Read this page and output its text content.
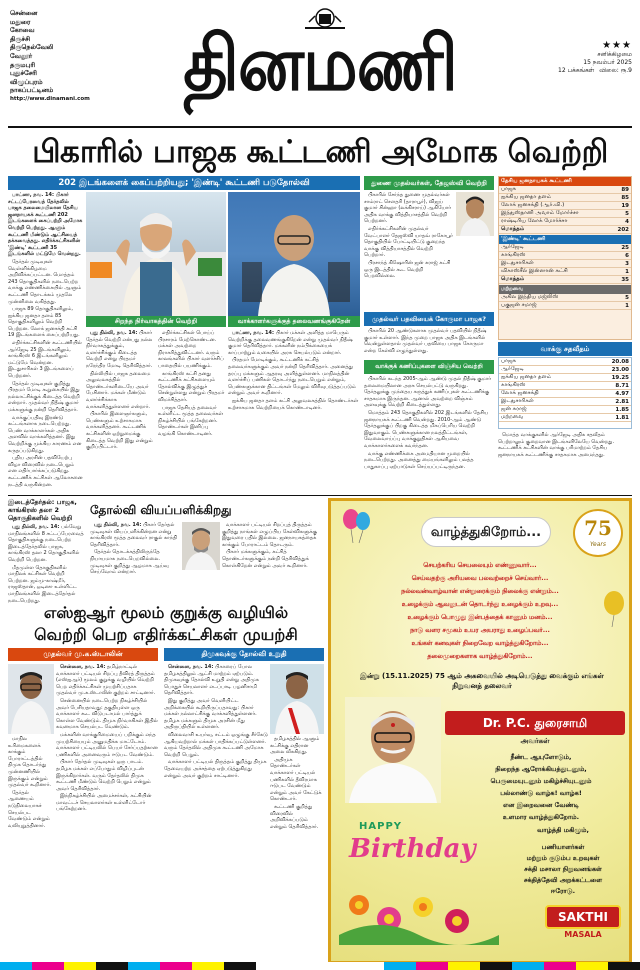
சென்னை
மதுரை
கோவை
திருச்சி
திருநெல்வேலி
வேலூர்
தருமபுரி
புதுச்சேரி
விழுப்புரம்
நாகப்பட்டினம்
http://www.dinamani.com	தினமணி	★★★
சனிக்கிழமை
15 நவம்பர் 2025
12 பக்கங்கள் விலை: ரூ.9
பிகாரில் பாஜக கூட்டணி அமோக வெற்றி
202 இடங்களைக் கைப்பற்றியது; 'இண்டி' கூட்டணி படுதோல்வி

பாட்னா, நவ. 14: பிகார் சட்டப்பேரவைத் தேர்தலில் பாஜக தலைமையிலான தேசிய ஜனநாயகக் கூட்டணி 202 இடங்களைக் கைப்பற்றி அமோக வெற்றி பெற்றது. ஆளும் கூட்டணி மீண்டும் ஆட்சியைத் தக்கவைத்தது. எதிர்க்கட்சிகளின் 'இண்டி' கூட்டணி 35 இடங்களில் மட்டுமே வென்றது.

தேர்தல் முடிவுகள் வெள்ளிக்கிழமை அறிவிக்கப்பட்டன. மொத்தம் 243 தொகுதிகளில் நடைபெற்ற வாக்கு எண்ணிக்கையில் ஆளும் கூட்டணி தொடக்கம் முதலே முன்னிலை வகித்தது.

பாஜக 89 தொகுதிகளிலும், ஐக்கிய ஜனதா தளம் 85 தொகுதிகளிலும் வெற்றி பெற்றன. லோக் ஜனசக்தி கட்சி 19 இடங்களைக் கைப்பற்றியது.

எதிர்க்கட்சிகளின் கூட்டணியில் ஆர்ஜேடி 25 இடங்களிலும், காங்கிரஸ் 6 இடங்களிலும் மட்டுமே வென்றன. இடதுசாரிகள் 3 இடங்களைப் பெற்றனர்.

தேர்தல் முடிவுகள் குறித்து பிரதமர் மோடி கூறுகையில் இது நல்லாட்சிக்குக் கிடைத்த வெற்றி என்றார். முதல்வர் நிதீஷ் குமார் மக்களுக்கு நன்றி தெரிவித்தார்.

வாக்குப்பதிவு இரண்டு கட்டங்களாக நடைபெற்றது. பெண் வாக்காளர்கள் அதிக அளவில் வாக்களித்தனர். இது வெற்றிக்கு முக்கிய காரணம் என கருதப்படுகிறது.

புதிய அரசின் பதவியேற்பு விழா விரைவில் நடைபெறும் என எதிர்பார்க்கப்படுகிறது. கூட்டணிக் கட்சிகள் ஆலோசனை நடத்தி வருகின்றன.

சிறந்த நிர்வாகத்தின் வெற்றி	வாக்காளர்களுக்குத் தலைவணங்குகிறேன்

புது தில்லி, நவ. 14: பிகார் தேர்தல் வெற்றி என்பது நல்ல நிர்வாகத்துக்கும், வளர்ச்சிக்கும் கிடைத்த வெற்றி என்று பிரதமர் நரேந்திர மோடி தெரிவித்தார்.

தில்லியில் பாஜக தலைமை அலுவலகத்தில் தொண்டர்களிடையே அவர் பேசினார். மக்கள் மீண்டும் வளர்ச்சிக்காக வாக்களித்துள்ளனர் என்றார்.

பிகாரில் இளைஞர்களும், பெண்களும் உற்சாகமாக வாக்களித்தனர். கூட்டணிக் கட்சிகளின் ஒற்றுமைக்கு கிடைத்த வெற்றி இது என்றும் குறிப்பிட்டார்.

எதிர்க்கட்சிகள் பொய்ப் பிரசாரம் மேற்கொண்டன. மக்கள் அவற்றை நிராகரித்துவிட்டனர். வரும் காலங்களில் பிகார் வளர்ச்சிப் பாதையில் பயணிக்கும்.

காங்கிரஸ் கட்சி தனது கூட்டணிக் கட்சிகளையும் தோல்விக்கு இழுத்துச் சென்றுள்ளது என்றும் பிரதமர் விமர்சித்தார்.

பாஜக தேசியத் தலைவர் உள்ளிட்ட மூத்த தலைவர்கள் நிகழ்ச்சியில் பங்கேற்றனர். தொண்டர்கள் இனிப்பு வழங்கி கொண்டாடினர்.

பாட்னா, நவ. 14: பிகார் மக்கள் அளித்த மாபெரும் வெற்றிக்கு தலைவணங்குகிறேன் என்று முதல்வர் நிதீஷ் குமார் தெரிவித்தார். மக்களின் நம்பிக்கையைக் காப்பாற்றும் வகையில் அரசு செயல்படும் என்றார்.

பிரதமர் மோடிக்கும், கூட்டணிக் கட்சித் தலைவர்களுக்கும் அவர் நன்றி தெரிவித்தார். அனைத்து தரப்பு மக்களும் ஆதரவு அளித்துள்ளனர். மாநிலத்தின் வளர்ச்சிப் பணிகள் தொடர்ந்து நடைபெறும் என்றும், பெண்களுக்கான திட்டங்கள் மேலும் விரிவுபடுத்தப்படும் என்றும் அவர் கூறினார்.

ஐக்கிய ஜனதா தளம் கட்சி அலுவலகத்தில் தொண்டர்கள் உற்சாகமாக வெற்றியைக் கொண்டாடினர்.

துணை முதல்வர்கள், தேஜஸ்வி வெற்றி

பிகாரில் சேர்ந்த துணை முதல்வர்கள் சாம்ராட் சௌதரி (தாராபூர்), விஜய் குமார் சின்ஹா (லக்கிசராய்) ஆகியோர் அதிக வாக்கு வித்தியாசத்தில் வெற்றி பெற்றனர்.

எதிர்க்கட்சிகளின் முதல்வர் வேட்பாளர் தேஜஸ்வி யாதவ் ராகோபூர் தொகுதியில் போட்டியிட்டு குறைந்த வாக்கு வித்தியாசத்தில் வெற்றி பெற்றார்.

பிரசாந்த் கிஷோரின் ஜன் சுராஜ் கட்சி ஒரு இடத்தில் கூட வெற்றி பெறவில்லை.

முதல்வர் பதவியைக் கோருமா பாஜக?

பிகாரில் 20 ஆண்டுகளாக முதல்வர் பதவியில் நிதீஷ் குமார் உள்ளார். இந்த முறை பாஜக அதிக இடங்களில் வென்றுள்ளதால் முதல்வர் பதவியை பாஜக கோருமா என்ற கேள்வி எழுந்துள்ளது.

தேசிய ஜனநாயகக் கூட்டணி
பாஜக	89
ஐக்கிய ஜனதா தளம்	85
லோக் ஜனசக்தி (ஆர்.வி.)	19
இந்துஸ்தானி அவாம் மோர்ச்சா	5
ராஷ்டிரிய லோக் மோர்ச்சா	4
மொத்தம்	202
'இண்டி' கூட்டணி
ஆர்ஜேடி	25
காங்கிரஸ்	6
இடதுசாரிகள்	3
விகாஸ்சீல் இன்ஸான் கட்சி	1
மொத்தம்	35
மற்றவை
அகில இந்திய மஜ்லிஸ்	5
பகுஜன் சமாஜ்	1
வாக்குக் கணிப்புகளை விஞ்சிய வெற்றி

பிகாரில் கடந்த 2005-ஆம் ஆண்டு முதல் நிதீஷ் குமார் தலைமையிலான அரசு செயல்பட்டு வருகிறது. தேர்தலுக்கு முந்தைய கருத்துக் கணிப்புகள் கூட்டணிக்கு சாதகமாக இருந்தன. ஆனால் அவற்றை விஞ்சும் அளவுக்கு வெற்றி கிடைத்துள்ளது.

மொத்தம் 243 தொகுதிகளில் 202 இடங்களில் தேசிய ஜனநாயகக் கூட்டணி வென்றது. 2010-ஆம் ஆண்டு தேர்தலுக்குப் பிறகு கிடைத்த மிகப்பெரிய வெற்றி இதுவாகும். பெண்களுக்கான நலத்திட்டங்கள், வேலைவாய்ப்பு வாக்குறுதிகள் ஆகியவை வாக்காளர்களைக் கவர்ந்தன.

வாக்கு எண்ணிக்கை அமைதியான முறையில் நடைபெற்றது. அனைத்து மையங்களிலும் பலத்த பாதுகாப்பு ஏற்பாடுகள் செய்யப்பட்டிருந்தன.

வாக்கு சதவீதம்
பாஜக	20.08
ஆர்ஜேடி	23.00
ஐக்கிய ஜனதா தளம்	19.25
காங்கிரஸ்	8.71
லோக் ஜனசக்தி	4.97
இடதுசாரிகள்	2.81
ஜன் சுராஜ்	1.85
மற்றவை	1.81

மொத்த வாக்குகளில் ஆர்ஜேடி அதிக சதவீதம் பெற்றாலும் குறைவான இடங்களிலேயே வென்றது. கூட்டணிக் கட்சிகளின் வாக்கு பரிமாற்றம் தேசிய ஜனநாயகக் கூட்டணிக்கு சாதகமாக அமைந்தது.

இடைத்தேர்தல்: பாஜக, காங்கிரஸ் தலா 2 தொகுதிகளில் வெற்றி

புது தில்லி, நவ. 14: பல்வேறு மாநிலங்களில் 8 சட்டப்பேரவைத் தொகுதிகளுக்கு நடைபெற்ற இடைத்தேர்தலில் பாஜக, காங்கிரஸ் தலா 2 தொகுதிகளில் வெற்றி பெற்றன.

மீதமுள்ள தொகுதிகளில் மாநிலக் கட்சிகள் வெற்றி பெற்றன. ஜம்மு-காஷ்மீர், ராஜஸ்தான், ஒடிஸா உள்ளிட்ட மாநிலங்களில் இடைத்தேர்தல் நடைபெற்றது.

தோல்வி வியப்பளிக்கிறது

புது தில்லி, நவ. 14: பிகார் தேர்தல் முடிவுகள் வியப்பளிக்கின்றன என்று காங்கிரஸ் மூத்த தலைவர் ராகுல் காந்தி தெரிவித்தார்.

தேர்தல் தொடக்கத்திலிருந்தே நியாயமாக நடைபெறவில்லை. முடிவுகள் குறித்து ஆழமாக ஆய்வு செய்வோம் என்றார்.

வாக்காளர் பட்டியல் சிறப்புத் திருத்தம் குறித்து நாங்கள் எழுப்பிய கேள்விகளுக்கு இதுவரை பதில் இல்லை. ஜனநாயகத்தைக் காக்கும் போராட்டம் தொடரும்.

பிகார் மக்களுக்கும், கட்சித் தொண்டர்களுக்கும் நன்றி தெரிவித்துக் கொள்கிறேன் என்றும் அவர் கூறினார்.

எஸ்ஐஆர் மூலம் குறுக்கு வழியில்
வெற்றி பெற எதிர்க்கட்சிகள் முயற்சி
முதல்வர் மு.க.ஸ்டாலின்	திமுகவுக்கு தோல்வி உறுதி

சென்னை, நவ. 14: தமிழ்நாட்டில் வாக்காளர் பட்டியல் சிறப்பு தீவிரத் திருத்தம் (எஸ்ஐஆர்) மூலம் குறுக்கு வழியில் வெற்றி பெற எதிர்க்கட்சிகள் முயற்சிப்பதாக முதல்வர் மு.க.ஸ்டாலின் குற்றம் சாட்டினார்.

சென்னையில் நடைபெற்ற நிகழ்ச்சியில் அவர் பேசியதாவது: தகுதியுள்ள ஒரு வாக்காளர் கூட விடுபடாமல் பார்த்துக் கொள்ள வேண்டும். திமுக நிர்வாகிகள் இதில் கவனமாக செயல்பட வேண்டும்.

மக்களின் வாக்குரிமையைப் பறிக்கும் எந்த முயற்சியையும் அனுமதிக்க மாட்டோம். வாக்காளர் பட்டியலில் பெயர் சேர்ப்பதற்கான பணிகளில் அனைவரும் ஈடுபட வேண்டும்.

பிகார் தேர்தல் முடிவுகள் ஒரு பாடம். தமிழக மக்கள் எப்போதும் விழிப்புடன் இருக்கிறார்கள். வரும் தேர்தலில் திமுக கூட்டணி மீண்டும் வெற்றி பெறும் என்றும் அவர் தெரிவித்தார்.

இந்நிகழ்ச்சியில் அமைச்சர்கள், கட்சியின் மாவட்டச் செயலாளர்கள் உள்ளிட்டோர் பங்கேற்றனர்.

மாநில உரிமைகளைக் காக்கும் போராட்டத்தில் திமுக தொடர்ந்து முன்னணியில் இருக்கும் என்றும் முதல்வர் கூறினார்.

தேர்தல் ஆணையம் நடுநிலையாகச் செயல்பட வேண்டும் என்றும் வலியுறுத்தினார்.

சென்னை, நவ. 14: பிகாரைப் போல தமிழகத்திலும் ஆட்சி மாற்றம் ஏற்படும். திமுகவுக்கு தோல்வி உறுதி என்று அதிமுக பொதுச் செயலாளர் எடப்பாடி பழனிசாமி தெரிவித்தார்.

இது குறித்து அவர் வெளியிட்ட அறிக்கையில் கூறியிருப்பதாவது: பிகார் மக்கள் நல்லாட்சிக்கு வாக்களித்துள்ளனர். தமிழக மக்களும் திமுக அரசின் மீது அதிருப்தியில் உள்ளனர்.

விலைவாசி உயர்வு, சட்டம் ஒழுங்கு சீர்கேடு ஆகியவற்றால் மக்கள் பாதிக்கப்பட்டுள்ளனர். வரும் தேர்தலில் அதிமுக கூட்டணி அமோக வெற்றி பெறும்.

வாக்காளர் பட்டியல் திருத்தம் குறித்து திமுக தேவையற்ற அச்சத்தை ஏற்படுத்துகிறது என்றும் அவர் குற்றம் சாட்டினார்.

தமிழகத்தில் ஆளும் கட்சிக்கு எதிரான அலை வீசுகிறது.

அதிமுக தொண்டர்கள் வாக்காளர் பட்டியல் பணிகளில் தீவிரமாக ஈடுபட வேண்டும் என்றும் அவர் கேட்டுக் கொண்டார்.

கூட்டணி குறித்து விரைவில் அறிவிக்கப்படும் என்றும் தெரிவித்தார்.

வாழ்த்துகிறோம்...	75
Years
செயற்கரிய செயலையும் எண்ணுவார்...
செய்வதற்கு அரியவை பலவற்றைச் செய்வார்...
நல்லவன்வாழ்வான் என்றுரைக்கும் நிலைக்கு என்றும்...
உழைக்கும் ஆவலுடன் தொடர்ந்து உழைக்கும் உறவு...
உழைக்கும் பொழுது இன்பத்தைக் காணும் மனம்...
நாடு வளர சமூகம் உயர அயராது உழைப்பவர்...
உங்கள் கனவுகள் நிறைவேற வாழ்த்துகிறோம்...
தலைமுறைகளாக வாழ்த்துகிறோம்...
இன்று (15.11.2025) 75 ஆம் அகவையில் அடியெடுத்து வைக்கும் எங்கள் நிறுவனத் தலைவர்
Dr. P.C. துரைசாமி
அவர்கள்
நீண்ட ஆயுளோடும்,
நிறைந்த ஆரோக்கியத்துடனும்,
பெருமையுடனும் மகிழ்ச்சியுடனும்
பல்லாண்டு வாழ்க! வாழ்க!
என இறைவனை வேண்டி
உளமார வாழ்த்துகிறோம்.
HAPPY
Birthday
வாழ்த்தி மகிழும்,
பணியாளர்கள்
மற்றும் குடும்ப உறவுகள்
சக்தி மசாலா நிறுவனங்கள்
சக்தித்தேவி அறக்கட்டளை
ஈரோடு.
SAKTHI
MASALA
